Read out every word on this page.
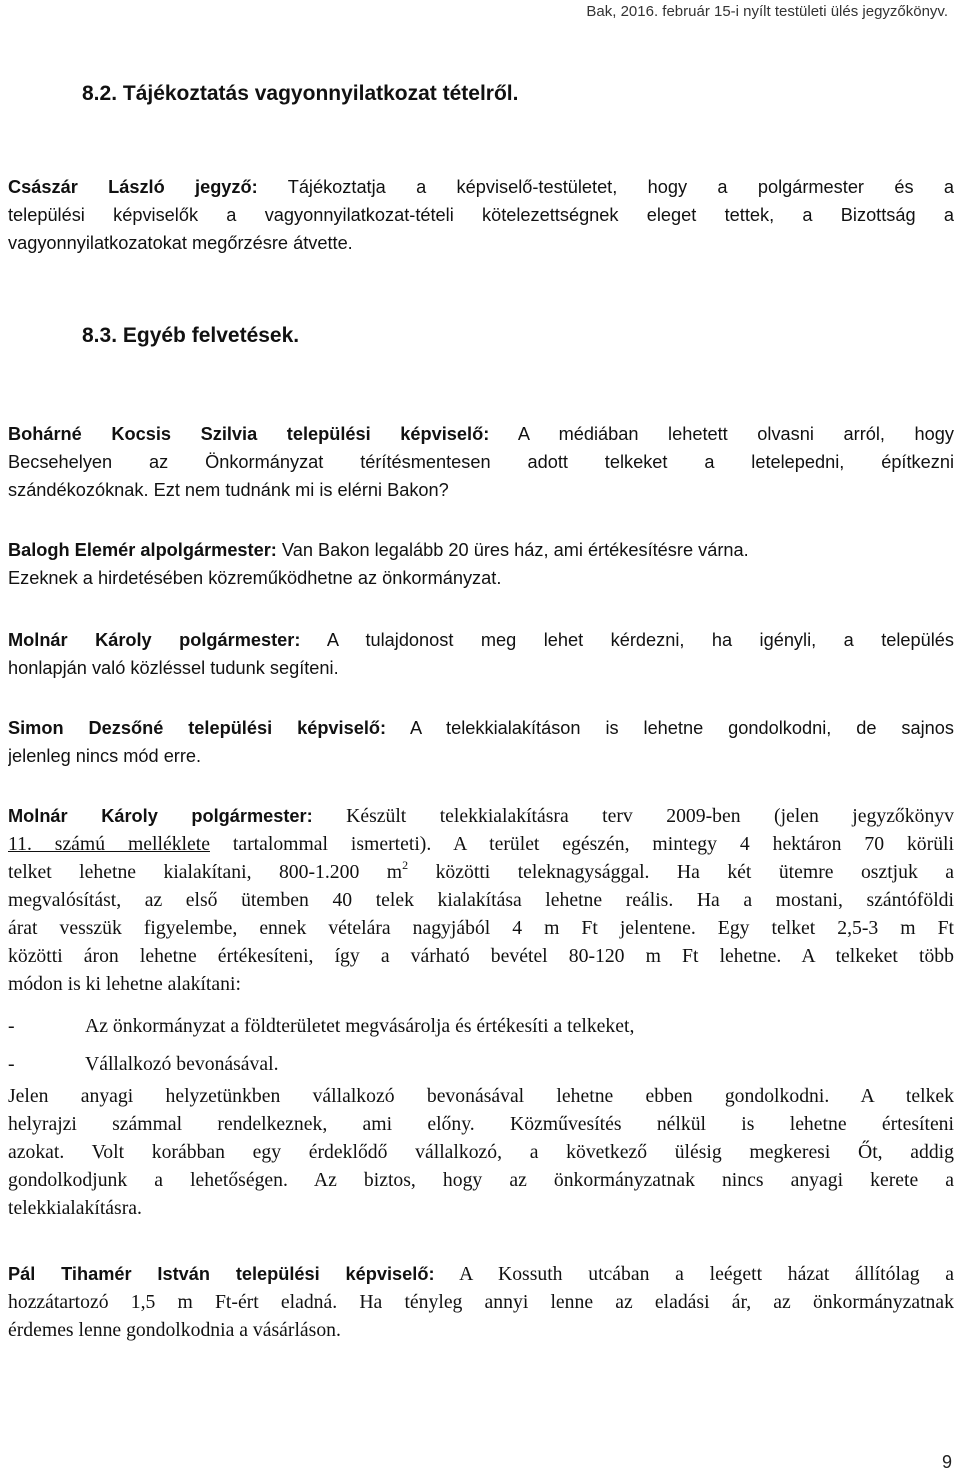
Bak, 2016. február 15-i nyílt testületi ülés jegyzőkönyv.
8.2. Tájékoztatás vagyonnyilatkozat tételről.
Császár László jegyző: Tájékoztatja a képviselő-testületet, hogy a polgármester és a
települési képviselők a vagyonnyilatkozat-tételi kötelezettségnek eleget tettek, a Bizottság a
vagyonnyilatkozatokat megőrzésre átvette.
8.3. Egyéb felvetések.
Bohárné Kocsis Szilvia települési képviselő: A médiában lehetett olvasni arról, hogy
Becsehelyen az Önkormányzat térítésmentesen adott telkeket a letelepedni, építkezni
szándékozóknak. Ezt nem tudnánk mi is elérni Bakon?
Balogh Elemér alpolgármester: Van Bakon legalább 20 üres ház, ami értékesítésre várna.
Ezeknek a hirdetésében közreműködhetne az önkormányzat.
Molnár Károly polgármester: A tulajdonost meg lehet kérdezni, ha igényli, a település
honlapján való közléssel tudunk segíteni.
Simon Dezsőné települési képviselő: A telekkialakításon is lehetne gondolkodni, de sajnos
jelenleg nincs mód erre.
Molnár Károly polgármester: Készült telekkialakításra terv 2009-ben (jelen jegyzőkönyv
11. számú melléklete tartalommal ismerteti). A terület egészén, mintegy 4 hektáron 70 körüli
telket lehetne kialakítani, 800-1.200 $m^2$ közötti teleknagysággal. Ha két ütemre osztjuk a
megvalósítást, az első ütemben 40 telek kialakítása lehetne reális. Ha a mostani, szántóföldi
árat vesszük figyelembe, ennek vételára nagyjából 4 m Ft jelentene. Egy telket 2,5-3 m Ft
közötti áron lehetne értékesíteni, így a várható bevétel 80-120 m Ft lehetne. A telkeket több
módon is ki lehetne alakítani:
-	Az önkormányzat a földterületet megvásárolja és értékesíti a telkeket,
-	Vállalkozó bevonásával.
Jelen anyagi helyzetünkben vállalkozó bevonásával lehetne ebben gondolkodni. A telkek
helyrajzi számmal rendelkeznek, ami előny. Közművesítés nélkül is lehetne értesíteni
azokat. Volt korábban egy érdeklődő vállalkozó, a következő ülésig megkeresi Őt, addig
gondolkodjunk a lehetőségen. Az biztos, hogy az önkormányzatnak nincs anyagi kerete a
telekkialakításra.
Pál Tihamér István települési képviselő: A Kossuth utcában a leégett házat állítólag a
hozzátartozó 1,5 m Ft-ért eladná. Ha tényleg annyi lenne az eladási ár, az önkormányzatnak
érdemes lenne gondolkodnia a vásárláson.
9
